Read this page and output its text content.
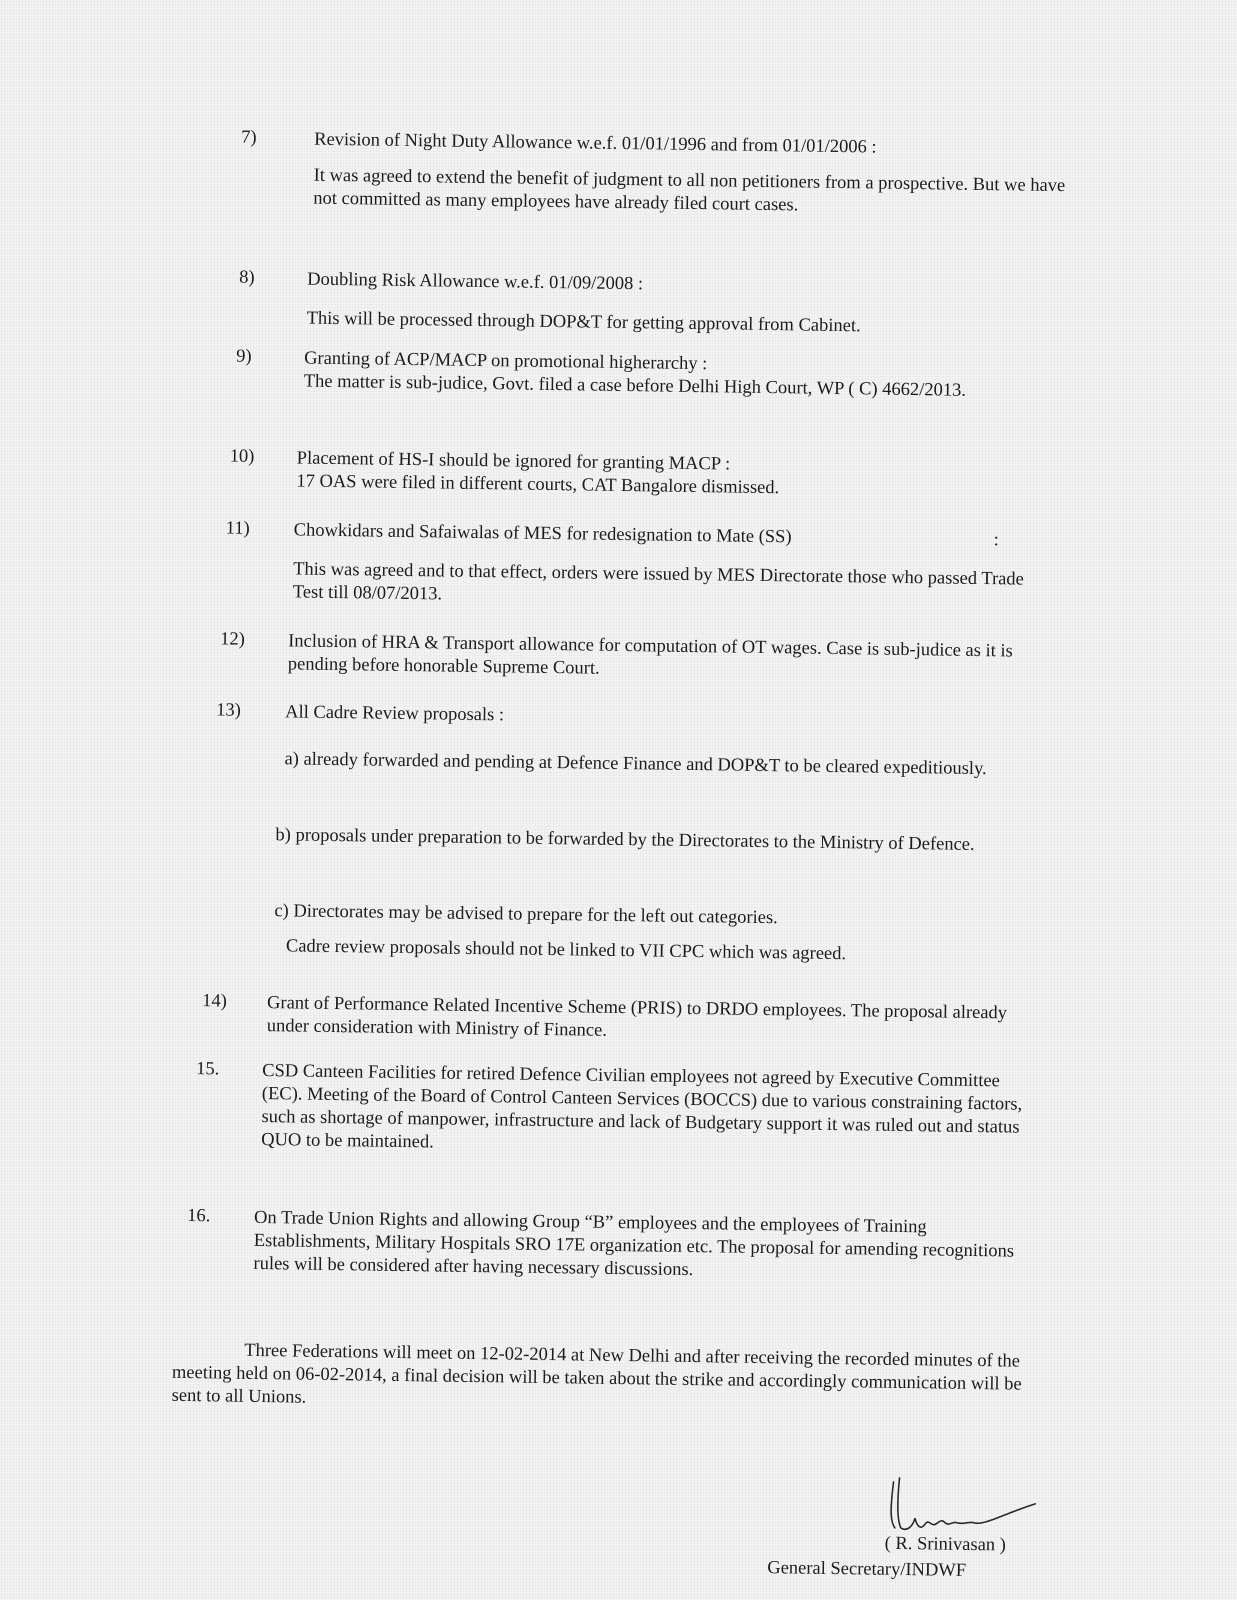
7)	Revision of Night Duty Allowance w.e.f. 01/01/1996 and from 01/01/2006 :
It was agreed to extend the benefit of judgment to all non petitioners from a prospective. But we have not committed as many employees have already filed court cases.
8)	Doubling Risk Allowance w.e.f. 01/09/2008 :
This will be processed through DOP&T for getting approval from Cabinet.
9)	Granting of ACP/MACP on promotional higherarchy :
The matter is sub-judice, Govt. filed a case before Delhi High Court, WP ( C) 4662/2013.
10) Placement of HS-I should be ignored for granting MACP :
17 OAS were filed in different courts, CAT Bangalore dismissed.
11) Chowkidars and Safaiwalas of MES for redesignation to Mate (SS)	:
This was agreed and to that effect, orders were issued by MES Directorate those who passed Trade Test till 08/07/2013.
12) Inclusion of HRA & Transport allowance for computation of OT wages. Case is sub-judice as it is pending before honorable Supreme Court.
13) All Cadre Review proposals :
a) already forwarded and pending at Defence Finance and DOP&T to be cleared expeditiously.
b) proposals under preparation to be forwarded by the Directorates to the Ministry of Defence.
c) Directorates may be advised to prepare for the left out categories.
Cadre review proposals should not be linked to VII CPC which was agreed.
14) Grant of Performance Related Incentive Scheme (PRIS) to DRDO employees. The proposal already under consideration with Ministry of Finance.
15. CSD Canteen Facilities for retired Defence Civilian employees not agreed by Executive Committee (EC). Meeting of the Board of Control Canteen Services (BOCCS) due to various constraining factors, such as shortage of manpower, infrastructure and lack of Budgetary support it was ruled out and status QUO to be maintained.
16. On Trade Union Rights and allowing Group “B” employees and the employees of Training Establishments, Military Hospitals SRO 17E organization etc. The proposal for amending recognitions rules will be considered after having necessary discussions.
Three Federations will meet on 12-02-2014 at New Delhi and after receiving the recorded minutes of the meeting held on 06-02-2014, a final decision will be taken about the strike and accordingly communication will be sent to all Unions.
( R. Srinivasan )
General Secretary/INDWF
